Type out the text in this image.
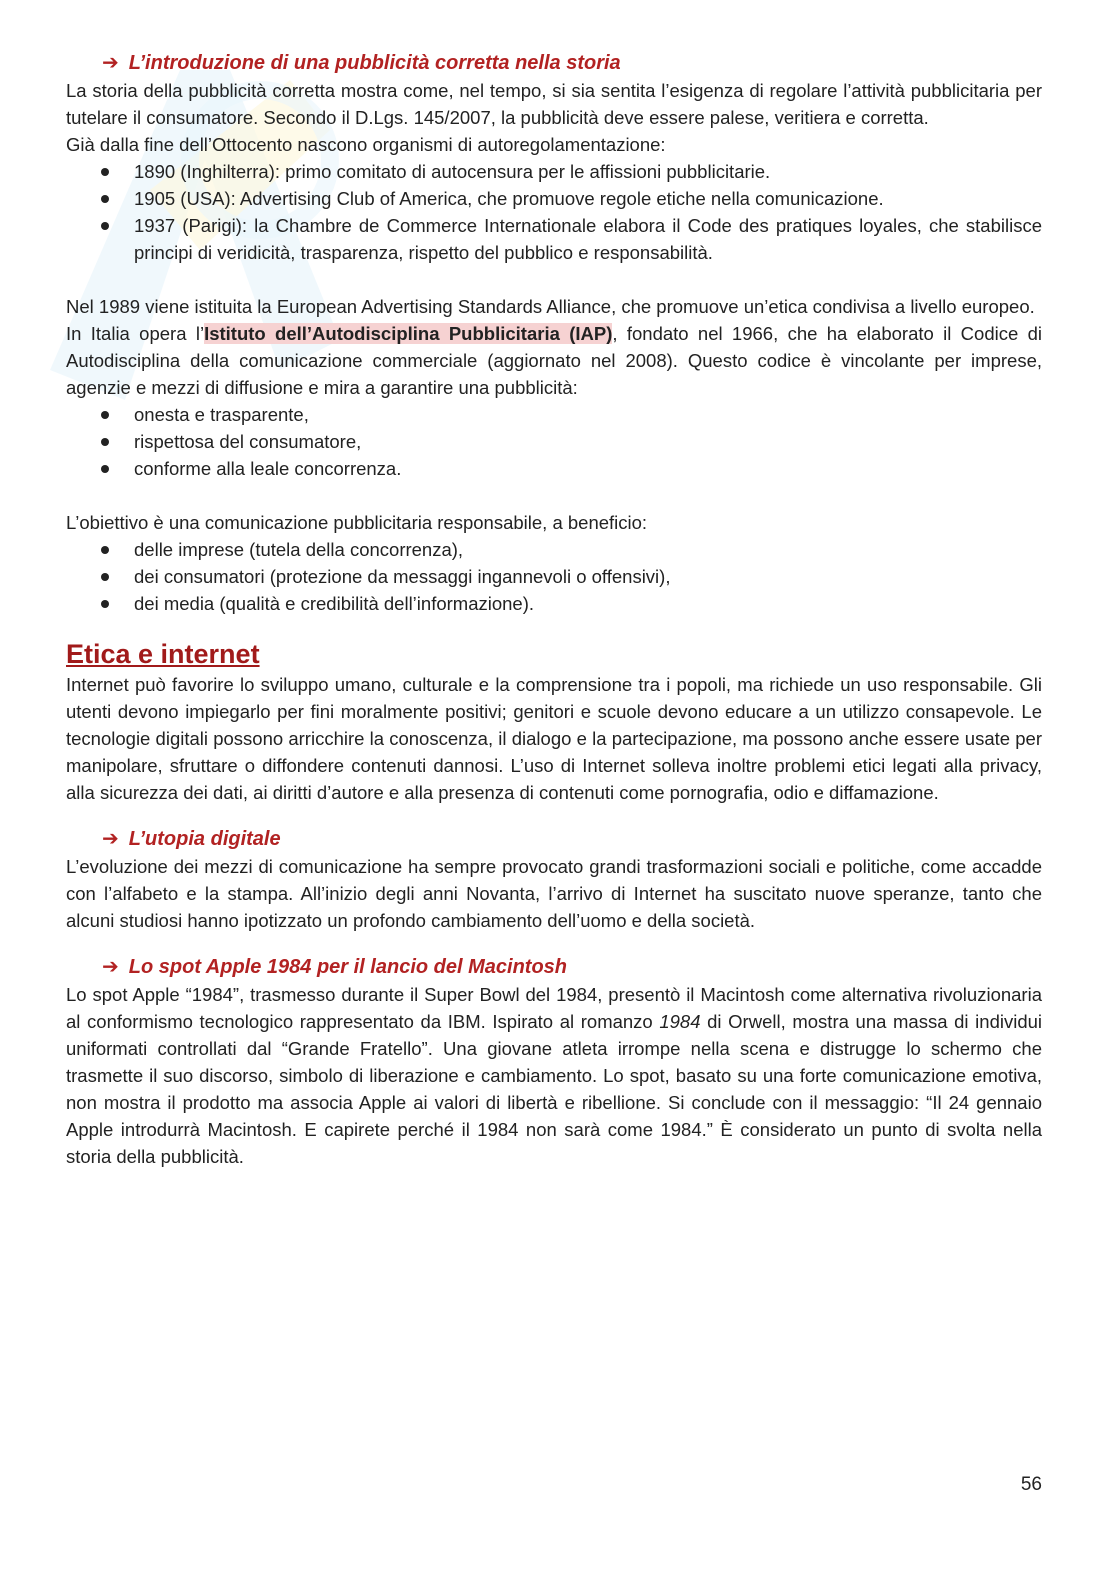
➔ L’introduzione di una pubblicità corretta nella storia

La storia della pubblicità corretta mostra come, nel tempo, si sia sentita l’esigenza di regolare l’attività pubblicitaria per tutelare il consumatore. Secondo il D.Lgs. 145/2007, la pubblicità deve essere palese, veritiera e corretta.

Già dalla fine dell’Ottocento nascono organismi di autoregolamentazione:

1890 (Inghilterra): primo comitato di autocensura per le affissioni pubblicitarie.
1905 (USA): Advertising Club of America, che promuove regole etiche nella comunicazione.
1937 (Parigi): la Chambre de Commerce Internationale elabora il Code des pratiques loyales, che stabilisce principi di veridicità, trasparenza, rispetto del pubblico e responsabilità.

Nel 1989 viene istituita la European Advertising Standards Alliance, che promuove un’etica condivisa a livello europeo.

In Italia opera l’Istituto dell’Autodisciplina Pubblicitaria (IAP), fondato nel 1966, che ha elaborato il Codice di Autodisciplina della comunicazione commerciale (aggiornato nel 2008). Questo codice è vincolante per imprese, agenzie e mezzi di diffusione e mira a garantire una pubblicità:

onesta e trasparente,
rispettosa del consumatore,
conforme alla leale concorrenza.

L’obiettivo è una comunicazione pubblicitaria responsabile, a beneficio:

delle imprese (tutela della concorrenza),
dei consumatori (protezione da messaggi ingannevoli o offensivi),
dei media (qualità e credibilità dell’informazione).
Etica e internet

Internet può favorire lo sviluppo umano, culturale e la comprensione tra i popoli, ma richiede un uso responsabile. Gli utenti devono impiegarlo per fini moralmente positivi; genitori e scuole devono educare a un utilizzo consapevole. Le tecnologie digitali possono arricchire la conoscenza, il dialogo e la partecipazione, ma possono anche essere usate per manipolare, sfruttare o diffondere contenuti dannosi. L’uso di Internet solleva inoltre problemi etici legati alla privacy, alla sicurezza dei dati, ai diritti d’autore e alla presenza di contenuti come pornografia, odio e diffamazione.

➔ L’utopia digitale

L’evoluzione dei mezzi di comunicazione ha sempre provocato grandi trasformazioni sociali e politiche, come accadde con l’alfabeto e la stampa. All’inizio degli anni Novanta, l’arrivo di Internet ha suscitato nuove speranze, tanto che alcuni studiosi hanno ipotizzato un profondo cambiamento dell’uomo e della società.

➔ Lo spot Apple 1984 per il lancio del Macintosh

Lo spot Apple “1984”, trasmesso durante il Super Bowl del 1984, presentò il Macintosh come alternativa rivoluzionaria al conformismo tecnologico rappresentato da IBM. Ispirato al romanzo 1984 di Orwell, mostra una massa di individui uniformati controllati dal “Grande Fratello”. Una giovane atleta irrompe nella scena e distrugge lo schermo che trasmette il suo discorso, simbolo di liberazione e cambiamento. Lo spot, basato su una forte comunicazione emotiva, non mostra il prodotto ma associa Apple ai valori di libertà e ribellione. Si conclude con il messaggio: “Il 24 gennaio Apple introdurrà Macintosh. E capirete perché il 1984 non sarà come 1984.” È considerato un punto di svolta nella storia della pubblicità.

56
